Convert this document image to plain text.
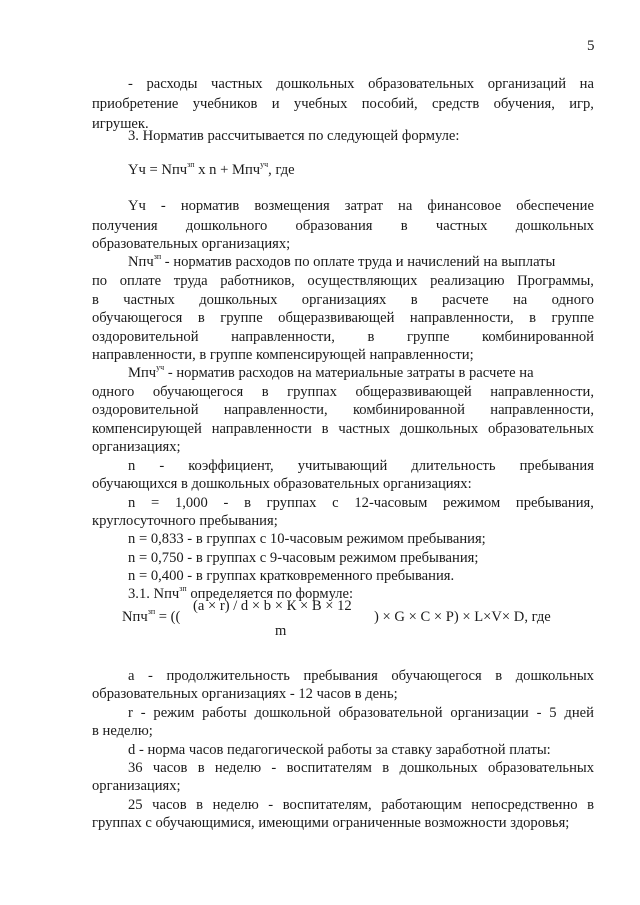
5
- расходы частных дошкольных образовательных организаций на
приобретение учебников и учебных пособий, средств обучения, игр,
игрушек.
3. Норматив рассчитывается по следующей формуле:
Yч = Nпч$^{зп}$ х n + Mпч$^{уч}$, где
Yч - норматив возмещения затрат на финансовое обеспечение
получения дошкольного образования в частных дошкольных
образовательных организациях;
Nпч$^{зп}$ - норматив расходов по оплате труда и начислений на выплаты
по оплате труда работников, осуществляющих реализацию Программы,
в частных дошкольных организациях в расчете на одного
обучающегося в группе общеразвивающей направленности, в группе
оздоровительной направленности, в группе комбинированной
направленности, в группе компенсирующей направленности;
Mпч$^{уч}$ - норматив расходов на материальные затраты в расчете на
одного обучающегося в группах общеразвивающей направленности,
оздоровительной направленности, комбинированной направленности,
компенсирующей направленности в частных дошкольных образовательных
организациях;
n - коэффициент, учитывающий длительность пребывания
обучающихся в дошкольных образовательных организациях:
n = 1,000 - в группах с 12-часовым режимом пребывания,
круглосуточного пребывания;
n = 0,833 - в группах с 10-часовым режимом пребывания;
n = 0,750 - в группах с 9-часовым режимом пребывания;
n = 0,400 - в группах кратковременного пребывания.
3.1. Nпч$^{зп}$ определяется по формуле:
Nпч$^{зп}$ = ((
(a × r) / d × b × К × В × 12
m
) × G × C × P) × L×V× D, где
a - продолжительность пребывания обучающегося в дошкольных
образовательных организациях - 12 часов в день;
r - режим работы дошкольной образовательной организации - 5 дней
в неделю;
d - норма часов педагогической работы за ставку заработной платы:
36 часов в неделю - воспитателям в дошкольных образовательных
организациях;
25 часов в неделю - воспитателям, работающим непосредственно в
группах с обучающимися, имеющими ограниченные возможности здоровья;
